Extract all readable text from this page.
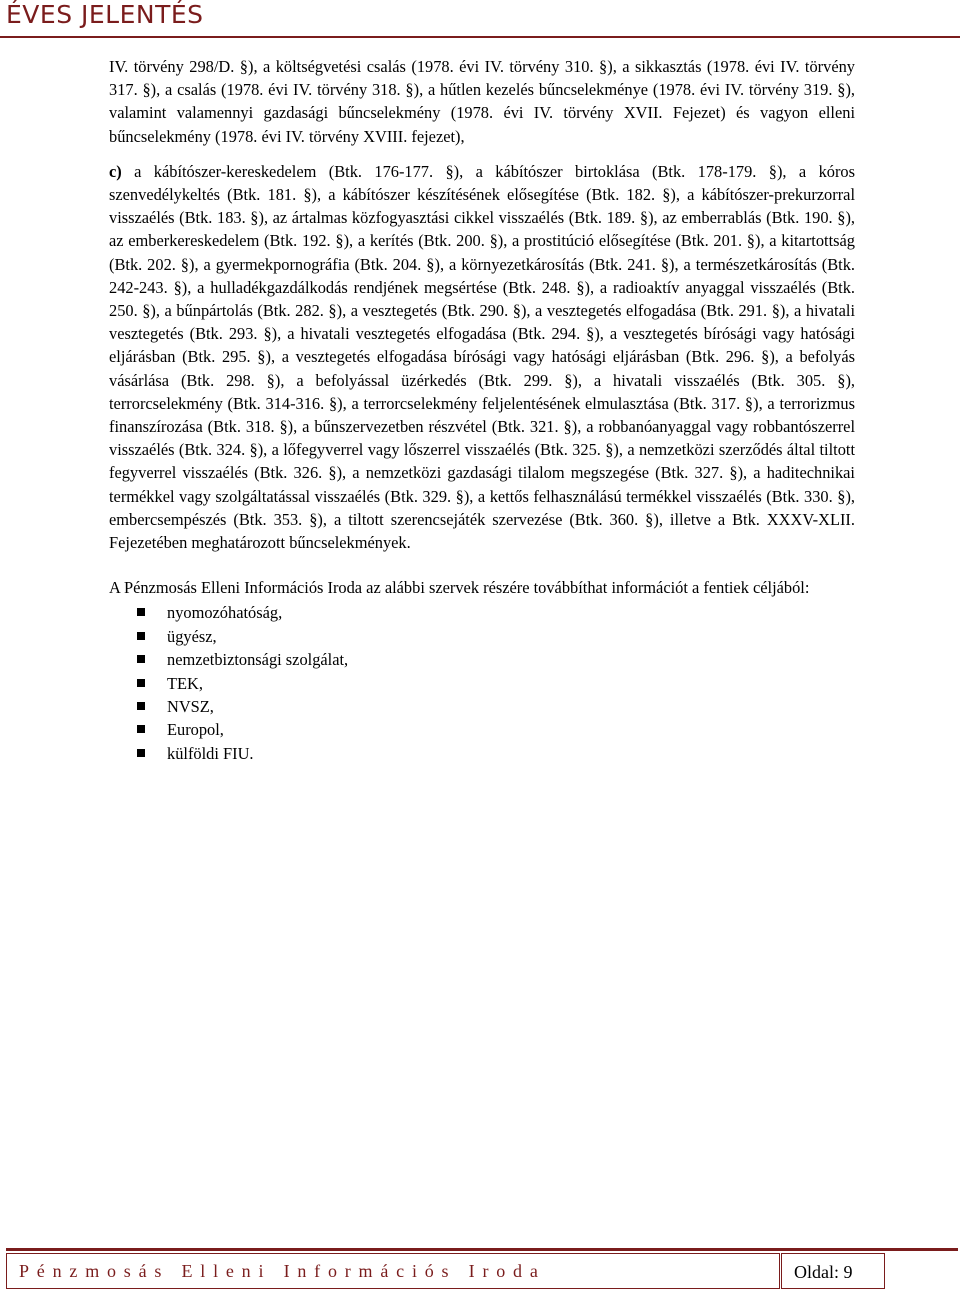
ÉVES JELENTÉS

IV. törvény 298/D. §), a költségvetési csalás (1978. évi IV. törvény 310. §), a sikkasztás (1978. évi IV. törvény 317. §), a csalás (1978. évi IV. törvény 318. §), a hűtlen kezelés bűncselekménye (1978. évi IV. törvény 319. §), valamint valamennyi gazdasági bűncselekmény (1978. évi IV. törvény XVII. Fejezet) és vagyon elleni bűncselekmény (1978. évi IV. törvény XVIII. fejezet),

c) a kábítószer-kereskedelem (Btk. 176-177. §), a kábítószer birtoklása (Btk. 178-179. §), a kóros szenvedélykeltés (Btk. 181. §), a kábítószer készítésének elősegítése (Btk. 182. §), a kábítószer-prekurzorral visszaélés (Btk. 183. §), az ártalmas közfogyasztási cikkel visszaélés (Btk. 189. §), az emberrablás (Btk. 190. §), az emberkereskedelem (Btk. 192. §), a kerítés (Btk. 200. §), a prostitúció elősegítése (Btk. 201. §), a kitartottság (Btk. 202. §), a gyermekpornográfia (Btk. 204. §), a környezetkárosítás (Btk. 241. §), a természetkárosítás (Btk. 242-243. §), a hulladékgazdálkodás rendjének megsértése (Btk. 248. §), a radioaktív anyaggal visszaélés (Btk. 250. §), a bűnpártolás (Btk. 282. §), a vesztegetés (Btk. 290. §), a vesztegetés elfogadása (Btk. 291. §), a hivatali vesztegetés (Btk. 293. §), a hivatali vesztegetés elfogadása (Btk. 294. §), a vesztegetés bírósági vagy hatósági eljárásban (Btk. 295. §), a vesztegetés elfogadása bírósági vagy hatósági eljárásban (Btk. 296. §), a befolyás vásárlása (Btk. 298. §), a befolyással üzérkedés (Btk. 299. §), a hivatali visszaélés (Btk. 305. §), terrorcselekmény (Btk. 314-316. §), a terrorcselekmény feljelentésének elmulasztása (Btk. 317. §), a terrorizmus finanszírozása (Btk. 318. §), a bűnszervezetben részvétel (Btk. 321. §), a robbanóanyaggal vagy robbantószerrel visszaélés (Btk. 324. §), a lőfegyverrel vagy lőszerrel visszaélés (Btk. 325. §), a nemzetközi szerződés által tiltott fegyverrel visszaélés (Btk. 326. §), a nemzetközi gazdasági tilalom megszegése (Btk. 327. §), a haditechnikai termékkel vagy szolgáltatással visszaélés (Btk. 329. §), a kettős felhasználású termékkel visszaélés (Btk. 330. §), embercsempészés (Btk. 353. §), a tiltott szerencsejáték szervezése (Btk. 360. §), illetve a Btk. XXXV-XLII. Fejezetében meghatározott bűncselekmények.

A Pénzmosás Elleni Információs Iroda az alábbi szervek részére továbbíthat információt a fentiek céljából:

nyomozóhatóság,
ügyész,
nemzetbiztonsági szolgálat,
TEK,
NVSZ,
Europol,
külföldi FIU.
Pénzmosás Elleni Információs Iroda	Oldal: 9
